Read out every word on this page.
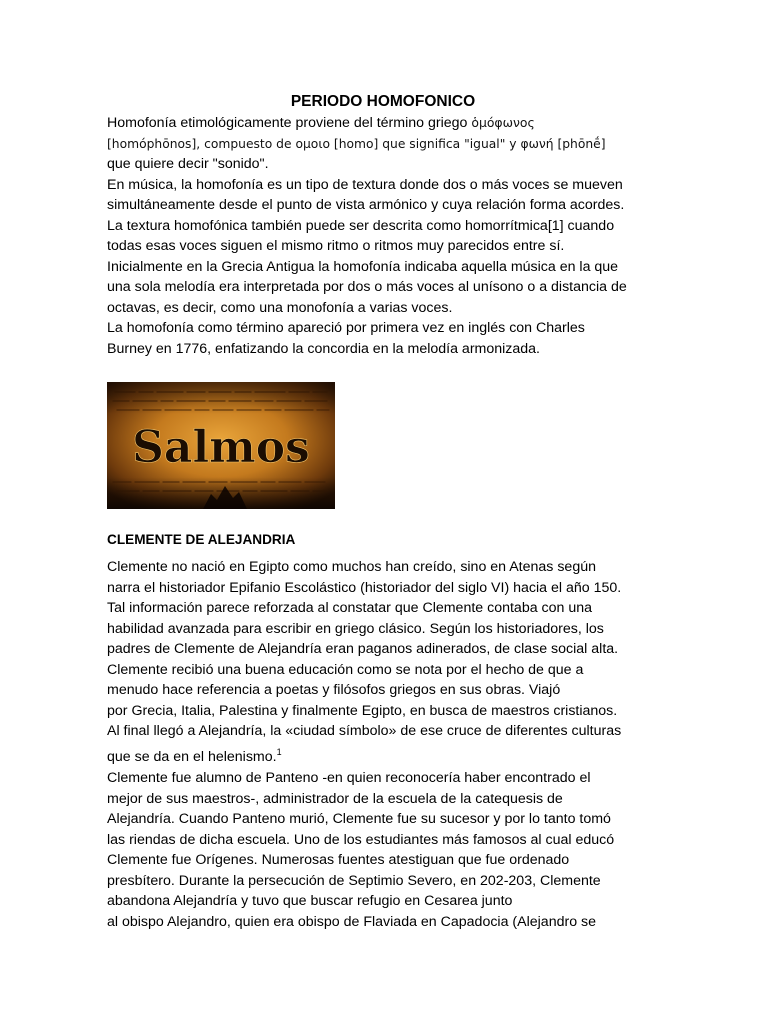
PERIODO HOMOFONICO
Homofonía etimológicamente proviene del término griego ὁμόφωνος
[homóphōnos], compuesto de ομοιο [homo] que significa "igual" y φωνή [phōnḗ]
que quiere decir "sonido".
En música, la homofonía es un tipo de textura donde dos o más voces se mueven
simultáneamente desde el punto de vista armónico y cuya relación forma acordes.
La textura homofónica también puede ser descrita como homorrítmica[1] cuando
todas esas voces siguen el mismo ritmo o ritmos muy parecidos entre sí.
Inicialmente en la Grecia Antigua la homofonía indicaba aquella música en la que
una sola melodía era interpretada por dos o más voces al unísono o a distancia de
octavas, es decir, como una monofonía a varias voces.
La homofonía como término apareció por primera vez en inglés con Charles
Burney en 1776, enfatizando la concordia en la melodía armonizada.
Salmos
CLEMENTE DE ALEJANDRIA
Clemente no nació en Egipto como muchos han creído, sino en Atenas según
narra el historiador Epifanio Escolástico (historiador del siglo VI) hacia el año 150.
Tal información parece reforzada al constatar que Clemente contaba con una
habilidad avanzada para escribir en griego clásico. Según los historiadores, los
padres de Clemente de Alejandría eran paganos adinerados, de clase social alta.
Clemente recibió una buena educación como se nota por el hecho de que a
menudo hace referencia a poetas y filósofos griegos en sus obras. Viajó
por Grecia, Italia, Palestina y finalmente Egipto, en busca de maestros cristianos.
Al final llegó a Alejandría, la «ciudad símbolo» de ese cruce de diferentes culturas
que se da en el helenismo.$^1$
Clemente fue alumno de Panteno -en quien reconocería haber encontrado el
mejor de sus maestros-, administrador de la escuela de la catequesis de
Alejandría. Cuando Panteno murió, Clemente fue su sucesor y por lo tanto tomó
las riendas de dicha escuela. Uno de los estudiantes más famosos al cual educó
Clemente fue Orígenes. Numerosas fuentes atestiguan que fue ordenado
presbítero. Durante la persecución de Septimio Severo, en 202-203, Clemente
abandona Alejandría y tuvo que buscar refugio en Cesarea junto
al obispo Alejandro, quien era obispo de Flaviada en Capadocia (Alejandro se
